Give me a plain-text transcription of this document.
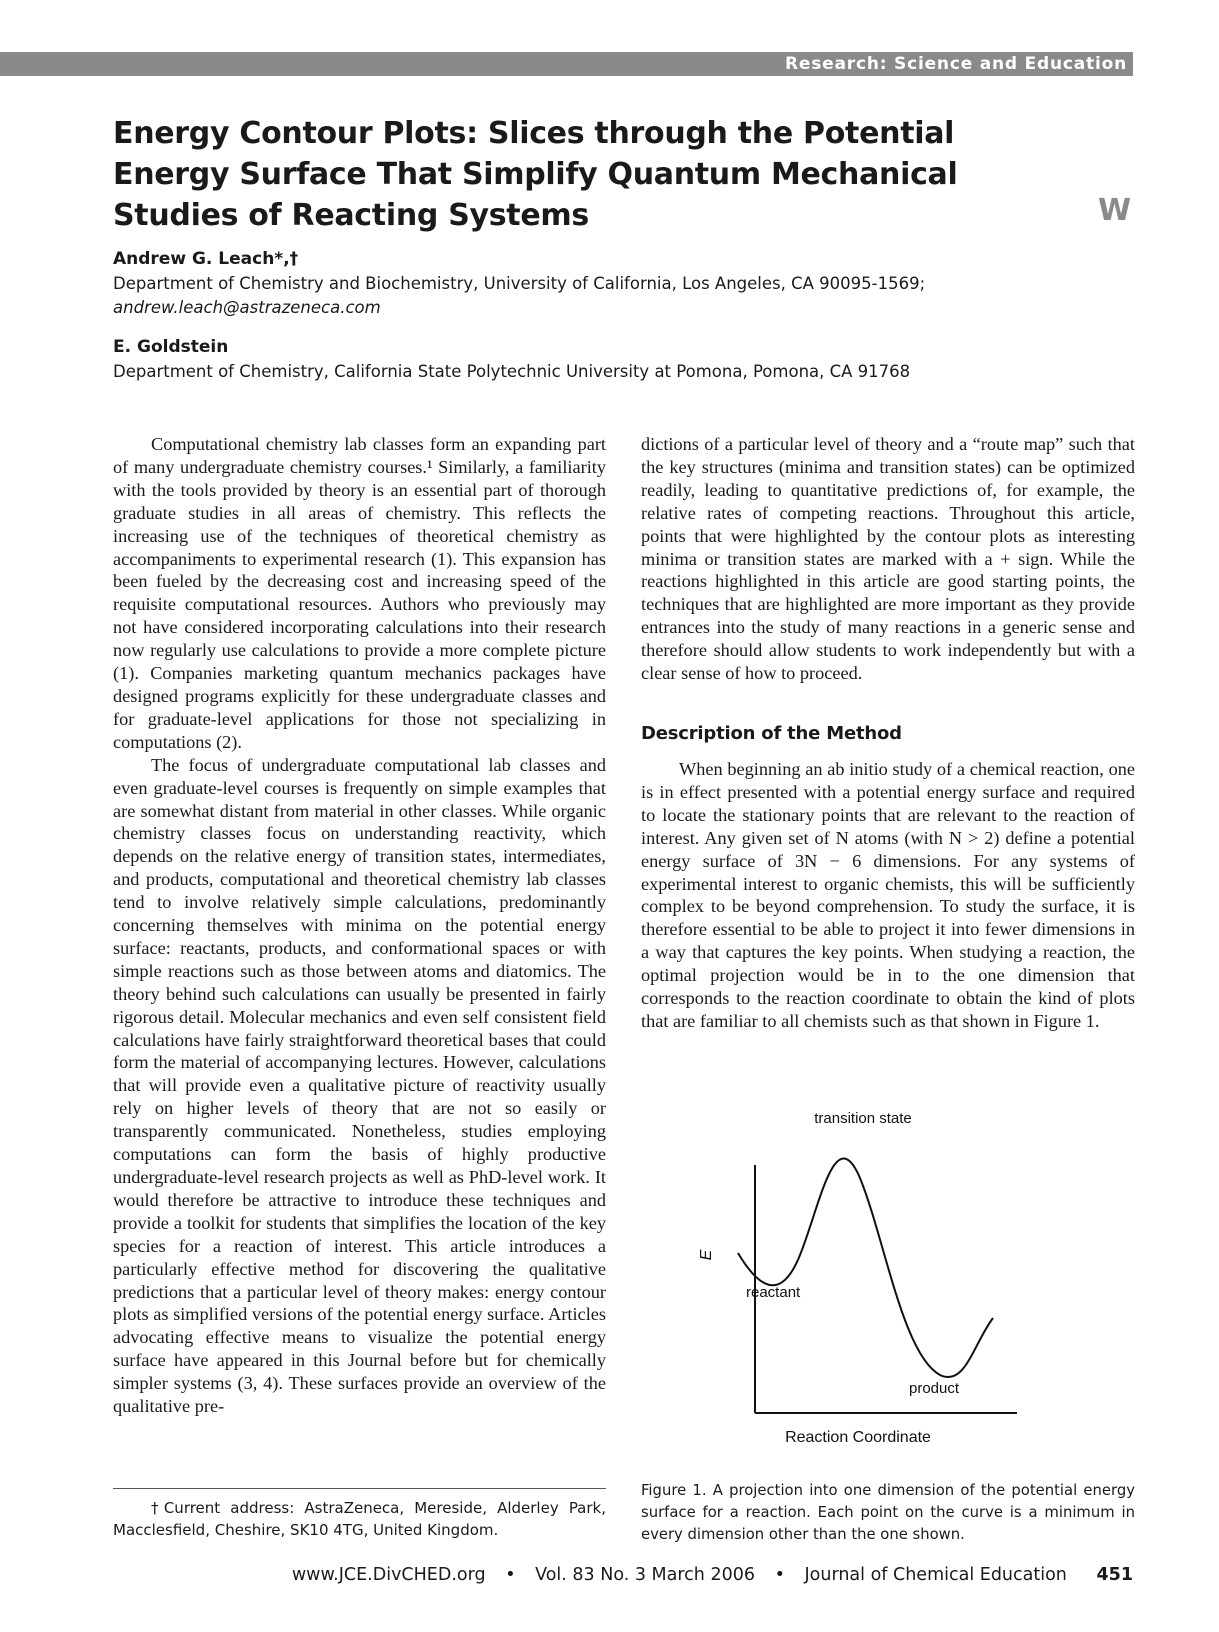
Research: Science and Education
Energy Contour Plots: Slices through the Potential Energy Surface That Simplify Quantum Mechanical Studies of Reacting Systems	W
Andrew G. Leach*,†
Department of Chemistry and Biochemistry, University of California, Los Angeles, CA 90095-1569;
andrew.leach@astrazeneca.com
E. Goldstein
Department of Chemistry, California State Polytechnic University at Pomona, Pomona, CA 91768

Computational chemistry lab classes form an expanding part of many undergraduate chemistry courses.¹ Similarly, a familiarity with the tools provided by theory is an essential part of thorough graduate studies in all areas of chemistry. This reflects the increasing use of the techniques of theoretical chemistry as accompaniments to experimental research (1). This expansion has been fueled by the decreasing cost and increasing speed of the requisite computational resources. Authors who previously may not have considered incorporating calculations into their research now regularly use calculations to provide a more complete picture (1). Companies marketing quantum mechanics packages have designed programs explicitly for these undergraduate classes and for graduate-level applications for those not specializing in computations (2).

The focus of undergraduate computational lab classes and even graduate-level courses is frequently on simple examples that are somewhat distant from material in other classes. While organic chemistry classes focus on understanding reactivity, which depends on the relative energy of transition states, intermediates, and products, computational and theoretical chemistry lab classes tend to involve relatively simple calculations, predominantly concerning themselves with minima on the potential energy surface: reactants, products, and conformational spaces or with simple reactions such as those between atoms and diatomics. The theory behind such calculations can usually be presented in fairly rigorous detail. Molecular mechanics and even self consistent field calculations have fairly straightforward theoretical bases that could form the material of accompanying lectures. However, calculations that will provide even a qualitative picture of reactivity usually rely on higher levels of theory that are not so easily or transparently communicated. Nonetheless, studies employing computations can form the basis of highly productive undergraduate-level research projects as well as PhD-level work. It would therefore be attractive to introduce these techniques and provide a toolkit for students that simplifies the location of the key species for a reaction of interest. This article introduces a particularly effective method for discovering the qualitative predictions that a particular level of theory makes: energy contour plots as simplified versions of the potential energy surface. Articles advocating effective means to visualize the potential energy surface have appeared in this Journal before but for chemically simpler systems (3, 4). These surfaces provide an overview of the qualitative pre-

dictions of a particular level of theory and a “route map” such that the key structures (minima and transition states) can be optimized readily, leading to quantitative predictions of, for example, the relative rates of competing reactions. Throughout this article, points that were highlighted by the contour plots as interesting minima or transition states are marked with a + sign. While the reactions highlighted in this article are good starting points, the techniques that are highlighted are more important as they provide entrances into the study of many reactions in a generic sense and therefore should allow students to work independently but with a clear sense of how to proceed.

Description of the Method

When beginning an ab initio study of a chemical reaction, one is in effect presented with a potential energy surface and required to locate the stationary points that are relevant to the reaction of interest. Any given set of N atoms (with N > 2) define a potential energy surface of 3N − 6 dimensions. For any systems of experimental interest to organic chemists, this will be sufficiently complex to be beyond comprehension. To study the surface, it is therefore essential to be able to project it into fewer dimensions in a way that captures the key points. When studying a reaction, the optimal projection would be in to the one dimension that corresponds to the reaction coordinate to obtain the kind of plots that are familiar to all chemists such as that shown in Figure 1.

transition state
reactant
product
E
Reaction Coordinate
Figure 1. A projection into one dimension of the potential energy surface for a reaction. Each point on the curve is a minimum in every dimension other than the one shown.
†Current address: AstraZeneca, Mereside, Alderley Park, Macclesfield, Cheshire, SK10 4TG, United Kingdom.
www.JCE.DivCHED.org • Vol. 83 No. 3 March 2006 • Journal of Chemical Education 451
